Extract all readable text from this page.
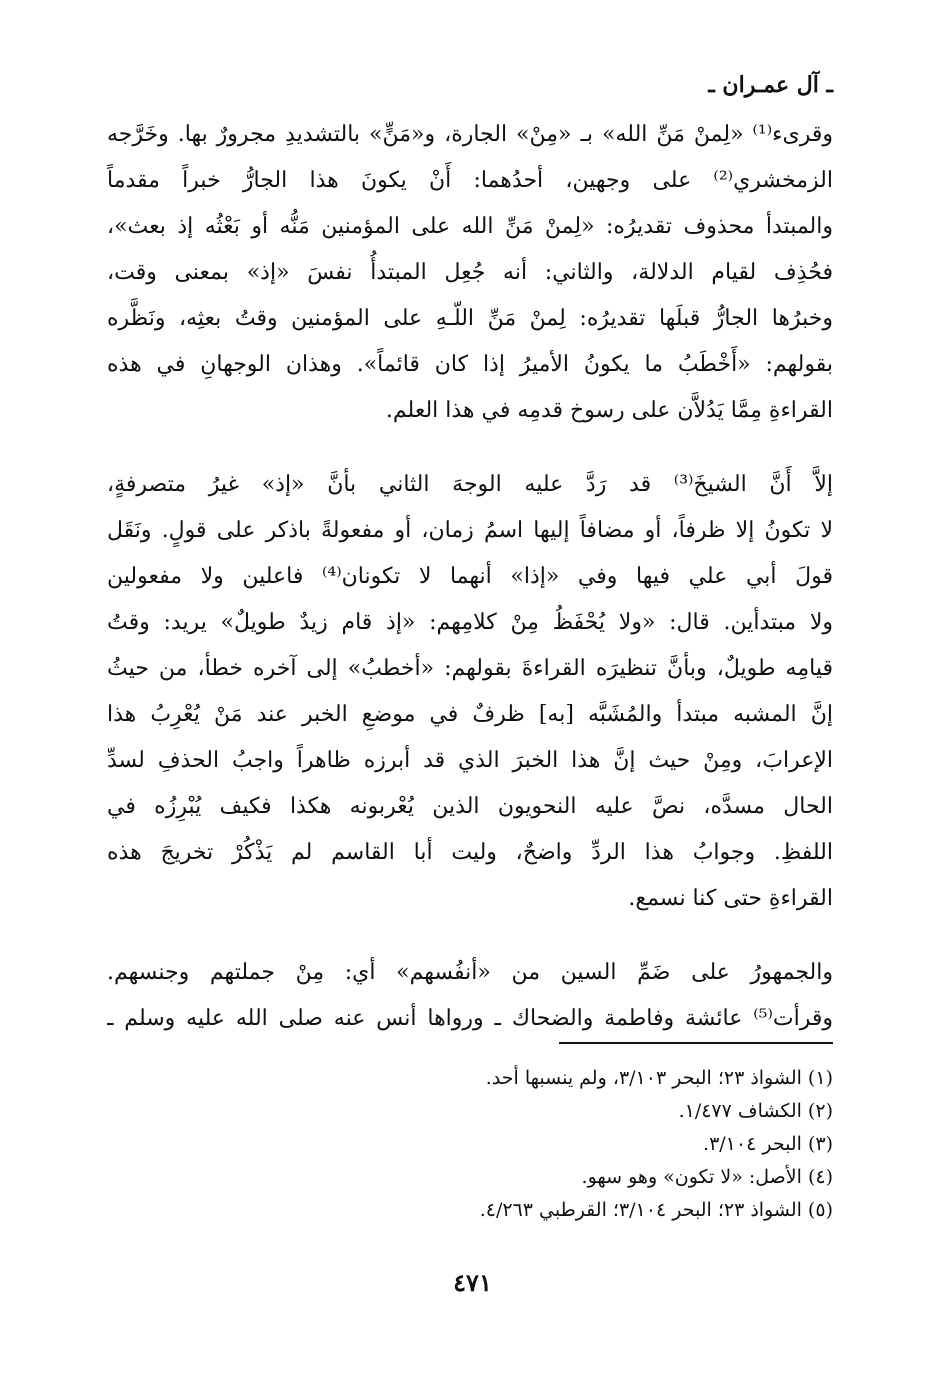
ـ آل عمـران ـ
وقرىء⁽¹⁾ «لِمنْ مَنِّ الله» بـ «مِنْ» الجارة، و«مَنٍّ» بالتشديدِ مجرورٌ بها. وخَرَّجه
الزمخشري⁽²⁾ على وجهين، أحدُهما: أَنْ يكونَ هذا الجارُّ خبراً مقدماً
والمبتدأ محذوف تقديرُه: «لِمنْ مَنِّ الله على المؤمنين مَنُّه أو بَعْثُه إذ بعث»،
فحُذِف لقيام الدلالة، والثاني: أنه جُعِل المبتدأُ نفسَ «إذ» بمعنى وقت،
وخبرُها الجارُّ قبلَها تقديرُه: لِمنْ مَنِّ اللّـهِ على المؤمنين وقتُ بعثِه، ونَظَّره
بقولهم: «أَخْطَبُ ما يكونُ الأميرُ إذا كان قائماً». وهذان الوجهانِ في هذه
القراءةِ مِمَّا يَدُلاَّن على رسوخ قدمِه في هذا العلم.
إلاَّ أَنَّ الشيخَ⁽³⁾ قد رَدَّ عليه الوجهَ الثاني بأنَّ «إذ» غيرُ متصرفةٍ،
لا تكونُ إلا ظرفاً، أو مضافاً إليها اسمُ زمان، أو مفعولةً باذكر على قولٍ. ونَقَل
قولَ أبي علي فيها وفي «إذا» أنهما لا تكونان⁽⁴⁾ فاعلين ولا مفعولين
ولا مبتدأين. قال: «ولا يُحْفَظُ مِنْ كلامِهم: «إذ قام زيدٌ طويلٌ» يريد: وقتُ
قيامِه طويلٌ، وبأنَّ تنظيرَه القراءةَ بقولهم: «أخطبُ» إلى آخره خطأ، من حيثُ
إنَّ المشبه مبتدأ والمُشَبَّه [به] ظرفٌ في موضعِ الخبر عند مَنْ يُعْرِبُ هذا
الإعرابَ، ومِنْ حيث إنَّ هذا الخبرَ الذي قد أبرزه ظاهراً واجبُ الحذفِ لسدِّ
الحال مسدَّه، نصَّ عليه النحويون الذين يُعْربونه هكذا فكيف يُبْرِزُه في
اللفظِ. وجوابُ هذا الردِّ واضحٌ، وليت أبا القاسم لم يَذْكُرْ تخريجَ هذه
القراءةِ حتى كنا نسمع.
والجمهورُ على ضَمِّ السين من «أنفُسهم» أي: مِنْ جملتهم وجنسهم.
وقرأت⁽⁵⁾ عائشة وفاطمة والضحاك ـ ورواها أنس عنه صلى الله عليه وسلم ـ
(١) الشواذ ٢٣؛ البحر ٣/١٠٣، ولم ينسبها أحد.
(٢) الكشاف ١/٤٧٧.
(٣) البحر ٣/١٠٤.
(٤) الأصل: «لا تكون» وهو سهو.
(٥) الشواذ ٢٣؛ البحر ٣/١٠٤؛ القرطبي ٤/٢٦٣.
٤٧١
